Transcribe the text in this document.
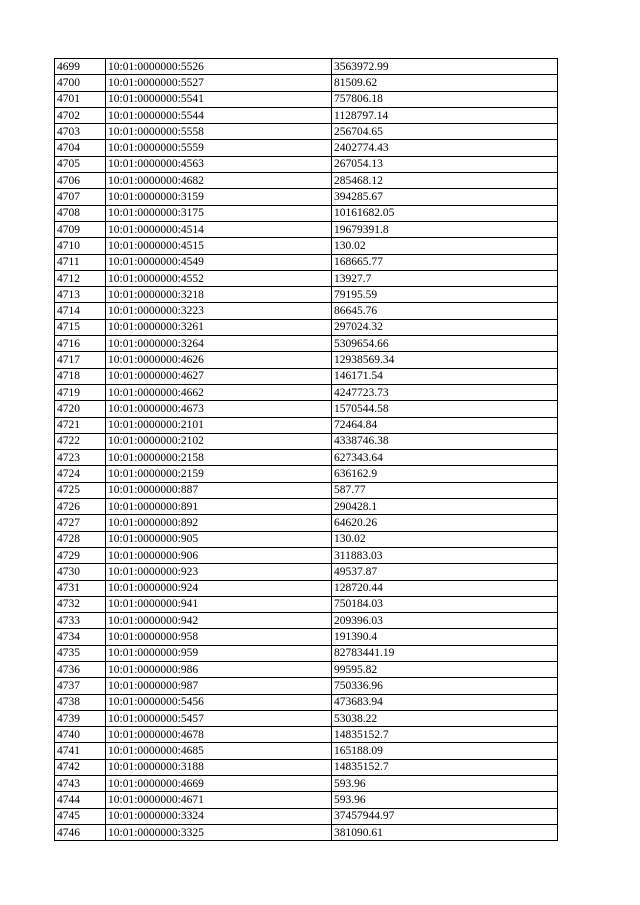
4699	10:01:0000000:5526	3563972.99
4700	10:01:0000000:5527	81509.62
4701	10:01:0000000:5541	757806.18
4702	10:01:0000000:5544	1128797.14
4703	10:01:0000000:5558	256704.65
4704	10:01:0000000:5559	2402774.43
4705	10:01:0000000:4563	267054.13
4706	10:01:0000000:4682	285468.12
4707	10:01:0000000:3159	394285.67
4708	10:01:0000000:3175	10161682.05
4709	10:01:0000000:4514	19679391.8
4710	10:01:0000000:4515	130.02
4711	10:01:0000000:4549	168665.77
4712	10:01:0000000:4552	13927.7
4713	10:01:0000000:3218	79195.59
4714	10:01:0000000:3223	86645.76
4715	10:01:0000000:3261	297024.32
4716	10:01:0000000:3264	5309654.66
4717	10:01:0000000:4626	12938569.34
4718	10:01:0000000:4627	146171.54
4719	10:01:0000000:4662	4247723.73
4720	10:01:0000000:4673	1570544.58
4721	10:01:0000000:2101	72464.84
4722	10:01:0000000:2102	4338746.38
4723	10:01:0000000:2158	627343.64
4724	10:01:0000000:2159	636162.9
4725	10:01:0000000:887	587.77
4726	10:01:0000000:891	290428.1
4727	10:01:0000000:892	64620.26
4728	10:01:0000000:905	130.02
4729	10:01:0000000:906	311883.03
4730	10:01:0000000:923	49537.87
4731	10:01:0000000:924	128720.44
4732	10:01:0000000:941	750184.03
4733	10:01:0000000:942	209396.03
4734	10:01:0000000:958	191390.4
4735	10:01:0000000:959	82783441.19
4736	10:01:0000000:986	99595.82
4737	10:01:0000000:987	750336.96
4738	10:01:0000000:5456	473683.94
4739	10:01:0000000:5457	53038.22
4740	10:01:0000000:4678	14835152.7
4741	10:01:0000000:4685	165188.09
4742	10:01:0000000:3188	14835152.7
4743	10:01:0000000:4669	593.96
4744	10:01:0000000:4671	593.96
4745	10:01:0000000:3324	37457944.97
4746	10:01:0000000:3325	381090.61
